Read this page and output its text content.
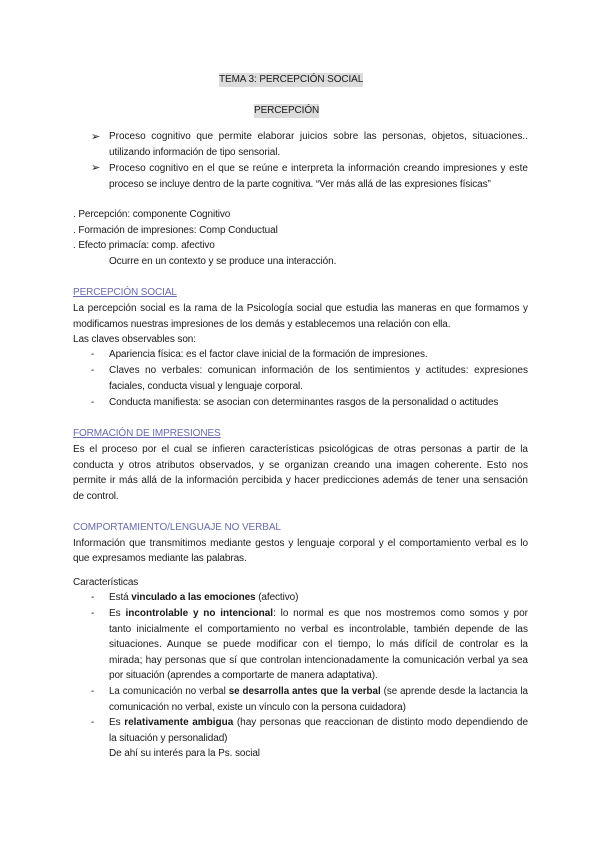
TEMA 3: PERCEPCIÓN SOCIAL
PERCEPCIÓN
➢ Proceso cognitivo que permite elaborar juicios sobre las personas, objetos, situaciones..
utilizando información de tipo sensorial.
➢ Proceso cognitivo en el que se reúne e interpreta la información creando impresiones y este
proceso se incluye dentro de la parte cognitiva. “Ver más allá de las expresiones físicas”
. Percepción: componente Cognitivo
. Formación de impresiones: Comp Conductual
. Efecto primacía: comp. afectivo
Ocurre en un contexto y se produce una interacción.
PERCEPCIÓN SOCIAL
La percepción social es la rama de la Psicología social que estudia las maneras en que formamos y
modificamos nuestras impresiones de los demás y establecemos una relación con ella.
Las claves observables son:
- Apariencia física: es el factor clave inicial de la formación de impresiones.
- Claves no verbales: comunican información de los sentimientos y actitudes: expresiones
faciales, conducta visual y lenguaje corporal.
- Conducta manifiesta: se asocian con determinantes rasgos de la personalidad o actitudes
FORMACIÓN DE IMPRESIONES
Es el proceso por el cual se infieren características psicológicas de otras personas a partir de la
conducta y otros atributos observados, y se organizan creando una imagen coherente. Esto nos
permite ir más allá de la información percibida y hacer predicciones además de tener una sensación
de control.
COMPORTAMIENTO/LENGUAJE NO VERBAL
Información que transmitimos mediante gestos y lenguaje corporal y el comportamiento verbal es lo
que expresamos mediante las palabras.
Características
- Está vinculado a las emociones (afectivo)
- Es incontrolable y no intencional: lo normal es que nos mostremos como somos y por
tanto inicialmente el comportamiento no verbal es incontrolable, también depende de las
situaciones. Aunque se puede modificar con el tiempo, lo más difícil de controlar es la
mirada; hay personas que sí que controlan intencionadamente la comunicación verbal ya sea
por situación (aprendes a comportarte de manera adaptativa).
- La comunicación no verbal se desarrolla antes que la verbal (se aprende desde la lactancia la
comunicación no verbal, existe un vínculo con la persona cuidadora)
- Es relativamente ambigua (hay personas que reaccionan de distinto modo dependiendo de
la situación y personalidad)
De ahí su interés para la Ps. social
